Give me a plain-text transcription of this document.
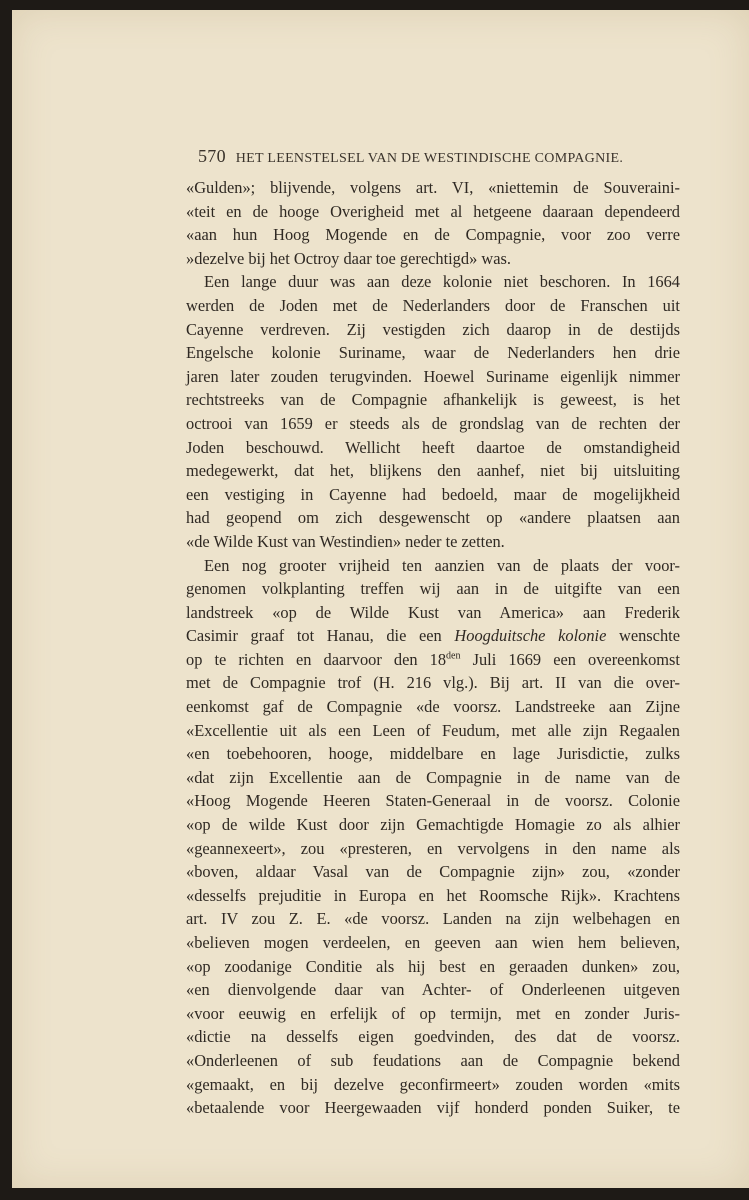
570 HET LEENSTELSEL VAN DE WESTINDISCHE COMPAGNIE.
«Gulden»; blijvende, volgens art. VI, «niettemin de Souveraini-
«teit en de hooge Overigheid met al hetgeene daaraan dependeerd
«aan hun Hoog Mogende en de Compagnie, voor zoo verre
»dezelve bij het Octroy daar toe gerechtigd» was.
Een lange duur was aan deze kolonie niet beschoren. In 1664
werden de Joden met de Nederlanders door de Franschen uit
Cayenne verdreven. Zij vestigden zich daarop in de destijds
Engelsche kolonie Suriname, waar de Nederlanders hen drie
jaren later zouden terugvinden. Hoewel Suriname eigenlijk nimmer
rechtstreeks van de Compagnie afhankelijk is geweest, is het
octrooi van 1659 er steeds als de grondslag van de rechten der
Joden beschouwd. Wellicht heeft daartoe de omstandigheid
medegewerkt, dat het, blijkens den aanhef, niet bij uitsluiting
een vestiging in Cayenne had bedoeld, maar de mogelijkheid
had geopend om zich desgewenscht op «andere plaatsen aan
«de Wilde Kust van Westindien» neder te zetten.
Een nog grooter vrijheid ten aanzien van de plaats der voor-
genomen volkplanting treffen wij aan in de uitgifte van een
landstreek «op de Wilde Kust van America» aan Frederik
Casimir graaf tot Hanau, die een Hoogduitsche kolonie wenschte
op te richten en daarvoor den $18^{den}$ Juli 1669 een overeenkomst
met de Compagnie trof (H. 216 vlg.). Bij art. II van die over-
eenkomst gaf de Compagnie «de voorsz. Landstreeke aan Zijne
«Excellentie uit als een Leen of Feudum, met alle zijn Regaalen
«en toebehooren, hooge, middelbare en lage Jurisdictie, zulks
«dat zijn Excellentie aan de Compagnie in de name van de
«Hoog Mogende Heeren Staten-Generaal in de voorsz. Colonie
«op de wilde Kust door zijn Gemachtigde Homagie zo als alhier
«geannexeert», zou «presteren, en vervolgens in den name als
«boven, aldaar Vasal van de Compagnie zijn» zou, «zonder
«desselfs prejuditie in Europa en het Roomsche Rijk». Krachtens
art. IV zou Z. E. «de voorsz. Landen na zijn welbehagen en
«believen mogen verdeelen, en geeven aan wien hem believen,
«op zoodanige Conditie als hij best en geraaden dunken» zou,
«en dienvolgende daar van Achter- of Onderleenen uitgeven
«voor eeuwig en erfelijk of op termijn, met en zonder Juris-
«dictie na desselfs eigen goedvinden, des dat de voorsz.
«Onderleenen of sub feudations aan de Compagnie bekend
«gemaakt, en bij dezelve geconfirmeert» zouden worden «mits
«betaalende voor Heergewaaden vijf honderd ponden Suiker, te
